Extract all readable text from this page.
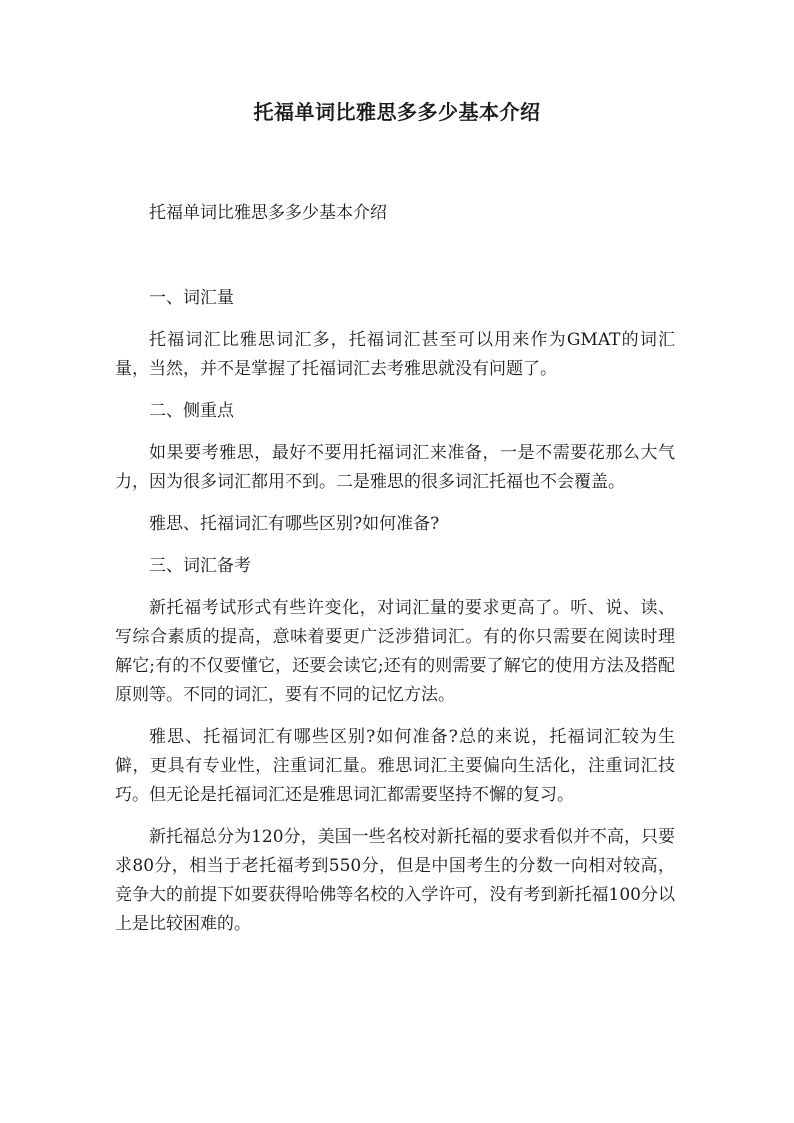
托福单词比雅思多多少基本介绍

托福单词比雅思多多少基本介绍

一、词汇量

托福词汇比雅思词汇多，托福词汇甚至可以用来作为GMAT的词汇量，当然，并不是掌握了托福词汇去考雅思就没有问题了。

二、侧重点

如果要考雅思，最好不要用托福词汇来准备，一是不需要花那么大气力，因为很多词汇都用不到。二是雅思的很多词汇托福也不会覆盖。

雅思、托福词汇有哪些区别?如何准备?

三、词汇备考

新托福考试形式有些许变化，对词汇量的要求更高了。听、说、读、写综合素质的提高，意味着要更广泛涉猎词汇。有的你只需要在阅读时理解它;有的不仅要懂它，还要会读它;还有的则需要了解它的使用方法及搭配原则等。不同的词汇，要有不同的记忆方法。

雅思、托福词汇有哪些区别?如何准备?总的来说，托福词汇较为生僻，更具有专业性，注重词汇量。雅思词汇主要偏向生活化，注重词汇技巧。但无论是托福词汇还是雅思词汇都需要坚持不懈的复习。

新托福总分为120分，美国一些名校对新托福的要求看似并不高，只要求80分，相当于老托福考到550分，但是中国考生的分数一向相对较高，竞争大的前提下如要获得哈佛等名校的入学许可，没有考到新托福100分以上是比较困难的。
